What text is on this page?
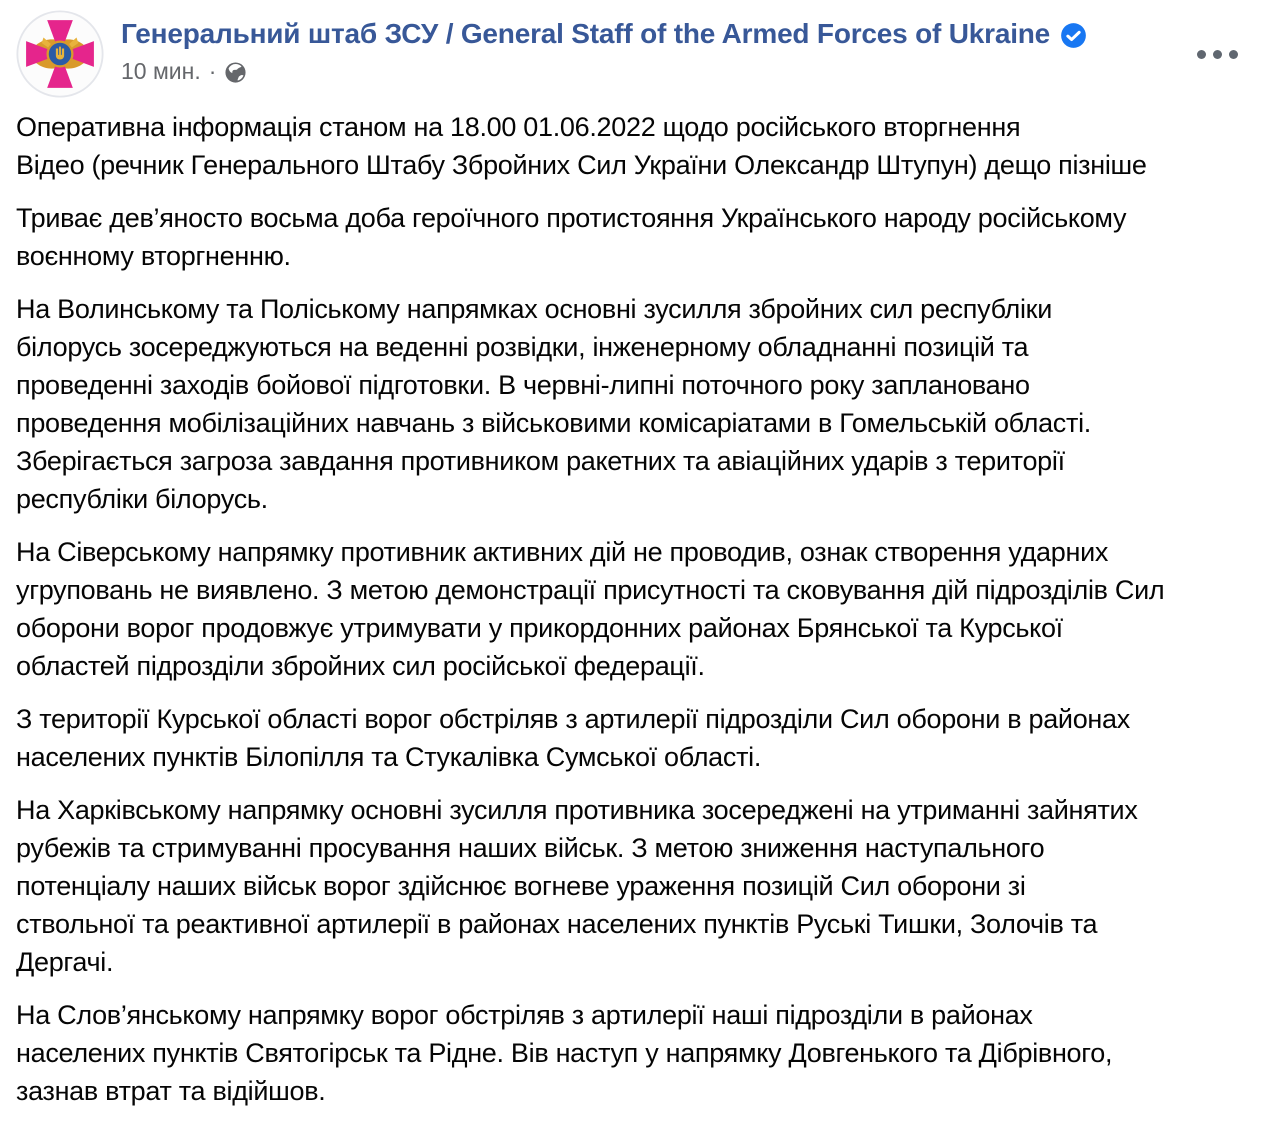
Генеральний штаб ЗСУ / General Staff of the Armed Forces of Ukraine
10 мин. ·

Оперативна інформація станом на 18.00 01.06.2022 щодо російського вторгнення
Відео (речник Генерального Штабу Збройних Сил України Олександр Штупун) дещо пізніше

Триває дев’яносто восьма доба героїчного протистояння Українського народу російському
воєнному вторгненню.

На Волинському та Поліському напрямках основні зусилля збройних сил республіки
білорусь зосереджуються на веденні розвідки, інженерному обладнанні позицій та
проведенні заходів бойової підготовки. В червні-липні поточного року заплановано
проведення мобілізаційних навчань з військовими комісаріатами в Гомельській області.
Зберігається загроза завдання противником ракетних та авіаційних ударів з території
республіки білорусь.

На Сіверському напрямку противник активних дій не проводив, ознак створення ударних
угруповань не виявлено. З метою демонстрації присутності та сковування дій підрозділів Сил
оборони ворог продовжує утримувати у прикордонних районах Брянської та Курської
областей підрозділи збройних сил російської федерації.

З території Курської області ворог обстріляв з артилерії підрозділи Сил оборони в районах
населених пунктів Білопілля та Стукалівка Сумської області.

На Харківському напрямку основні зусилля противника зосереджені на утриманні зайнятих
рубежів та стримуванні просування наших військ. З метою зниження наступального
потенціалу наших військ ворог здійснює вогневе ураження позицій Сил оборони зі
ствольної та реактивної артилерії в районах населених пунктів Руські Тишки, Золочів та
Дергачі.

На Слов’янському напрямку ворог обстріляв з артилерії наші підрозділи в районах
населених пунктів Святогірськ та Рідне. Вів наступ у напрямку Довгенького та Дібрівного,
зазнав втрат та відійшов.
